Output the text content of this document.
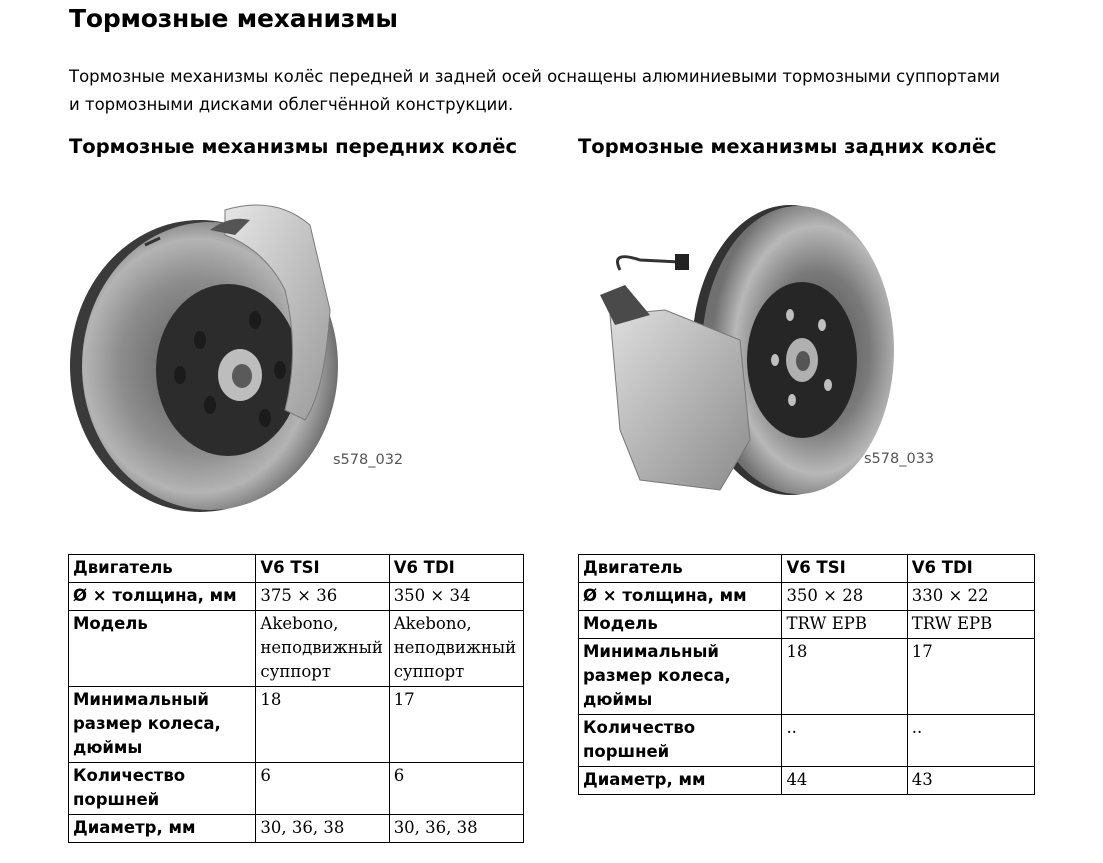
Тормозные механизмы

Тормозные механизмы колёс передней и задней осей оснащены алюминиевыми тормозными суппортами
и тормозными дисками облегчённой конструкции.

Тормозные механизмы передних колёс	Тормозные механизмы задних колёс
s578_032	s578_033
Двигатель	V6 TSI	V6 TDI
Ø × толщина, мм	375 × 36	350 × 34
Модель	Akebono, неподвижный суппорт	Akebono, неподвижный суппорт
Минимальный размер колеса, дюймы	18	17
Количество поршней	6	6
Диаметр, мм	30, 36, 38	30, 36, 38
Двигатель	V6 TSI	V6 TDI
Ø × толщина, мм	350 × 28	330 × 22
Модель	TRW EPB	TRW EPB
Минимальный размер колеса, дюймы	18	17
Количество поршней	..	..
Диаметр, мм	44	43
